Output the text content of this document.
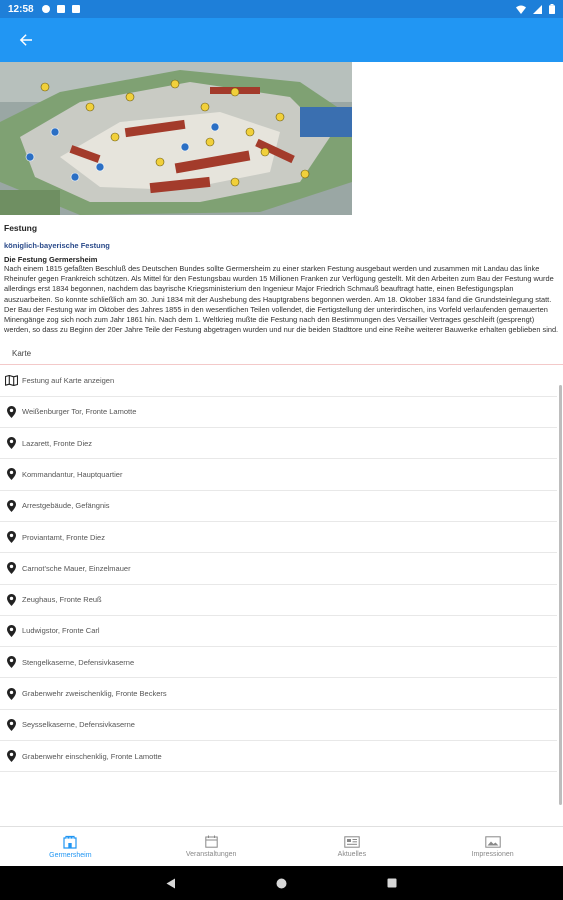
12:58
Festung
königlich-bayerische Festung
Die Festung Germersheim
Nach einem 1815 gefaßten Beschluß des Deutschen Bundes sollte Germersheim zu einer starken Festung ausgebaut werden und zusammen mit Landau das linke Rheinufer gegen Frankreich schützen. Als Mittel für den Festungsbau wurden 15 Millionen Franken zur Verfügung gestellt. Mit den Arbeiten zum Bau der Festung wurde allerdings erst 1834 begonnen, nachdem das bayrische Kriegsministerium den Ingenieur Major Friedrich Schmauß beauftragt hatte, einen Befestigungsplan auszuarbeiten. So konnte schließlich am 30. Juni 1834 mit der Aushebung des Hauptgrabens begonnen werden. Am 18. Oktober 1834 fand die Grundsteinlegung statt. Der Bau der Festung war im Oktober des Jahres 1855 in den wesentlichen Teilen vollendet, die Fertigstellung der unterirdischen, ins Vorfeld verlaufenden gemauerten Minengänge zog sich noch zum Jahr 1861 hin. Nach dem 1. Weltkrieg mußte die Festung nach den Bestimmungen des Versailler Vertrages geschleift (gesprengt) werden, so dass zu Beginn der 20er Jahre Teile der Festung abgetragen wurden und nur die beiden Stadttore und eine Reihe weiterer Bauwerke erhalten geblieben sind.
Karte
Festung auf Karte anzeigen
Weißenburger Tor, Fronte Lamotte
Lazarett, Fronte Diez
Kommandantur, Hauptquartier
Arrestgebäude, Gefängnis
Proviantamt, Fronte Diez
Carnot'sche Mauer, Einzelmauer
Zeughaus, Fronte Reuß
Ludwigstor, Fronte Carl
Stengelkaserne, Defensivkaserne
Grabenwehr zweischenklig, Fronte Beckers
Seysselkaserne, Defensivkaserne
Grabenwehr einschenklig, Fronte Lamotte
Germersheim	Veranstaltungen	Aktuelles	Impressionen
